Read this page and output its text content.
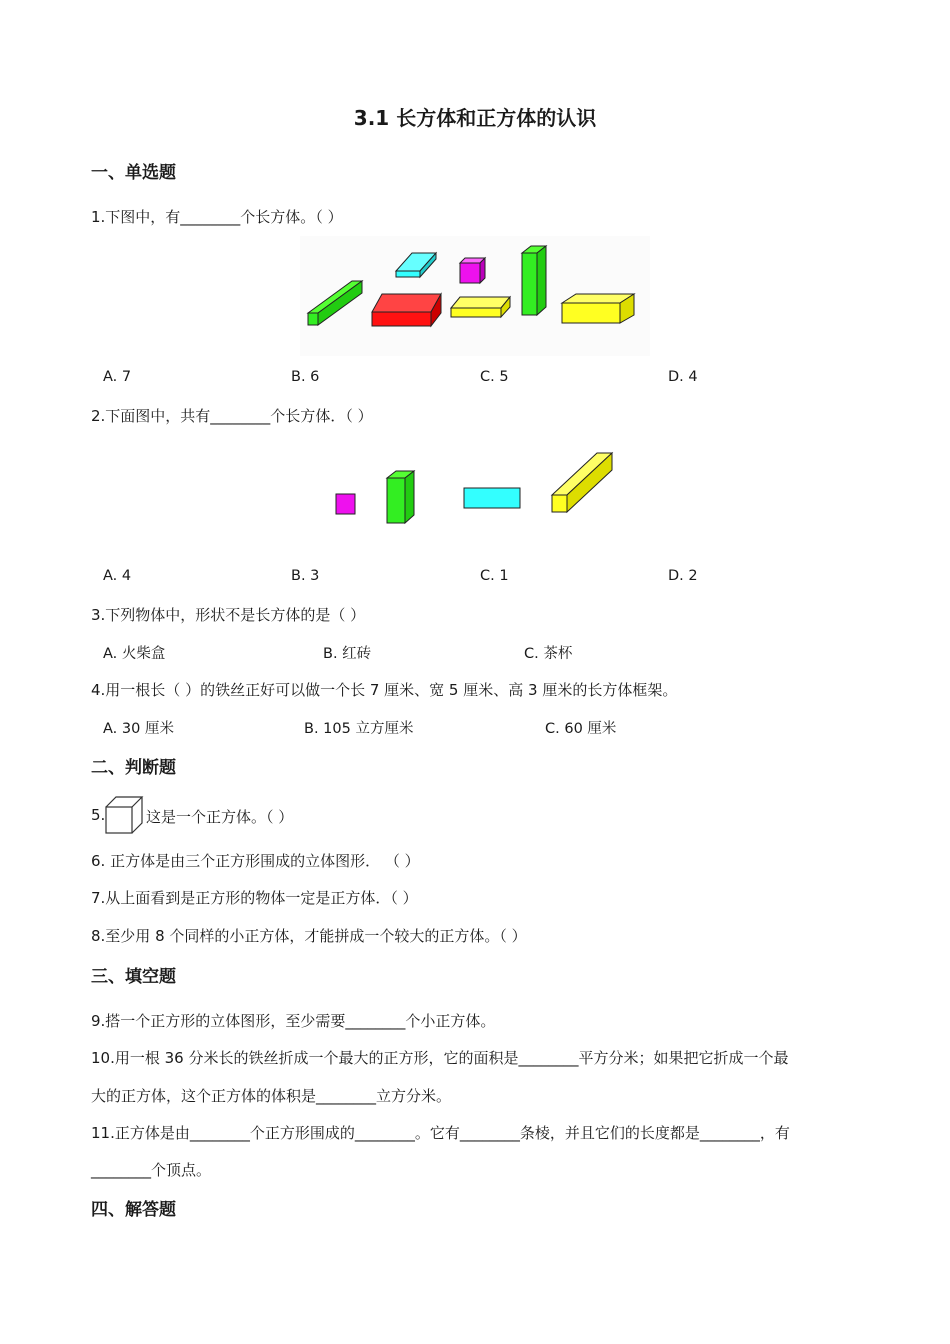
3.1 长方体和正方体的认识
一、单选题
1.下图中，有________个长方体。（ ）
A. 7	B. 6	C. 5	D. 4
2.下面图中，共有________个长方体．（ ）
A. 4	B. 3	C. 1	D. 2
3.下列物体中，形状不是长方体的是（ ）
A. 火柴盒	B. 红砖	C. 茶杯
4.用一根长（ ）的铁丝正好可以做一个长 7 厘米、宽 5 厘米、高 3 厘米的长方体框架。
A. 30 厘米	B. 105 立方厘米	C. 60 厘米
二、判断题
5.	这是一个正方体。（ ）
6. 正方体是由三个正方形围成的立体图形． （ ）
7.从上面看到是正方形的物体一定是正方体．（ ）
8.至少用 8 个同样的小正方体，才能拼成一个较大的正方体。（ ）
三、填空题
9.搭一个正方形的立体图形，至少需要________个小正方体。
10.用一根 36 分米长的铁丝折成一个最大的正方形，它的面积是________平方分米；如果把它折成一个最
大的正方体，这个正方体的体积是________立方分米。
11.正方体是由________个正方形围成的________。它有________条棱，并且它们的长度都是________，有
________个顶点。
四、解答题
